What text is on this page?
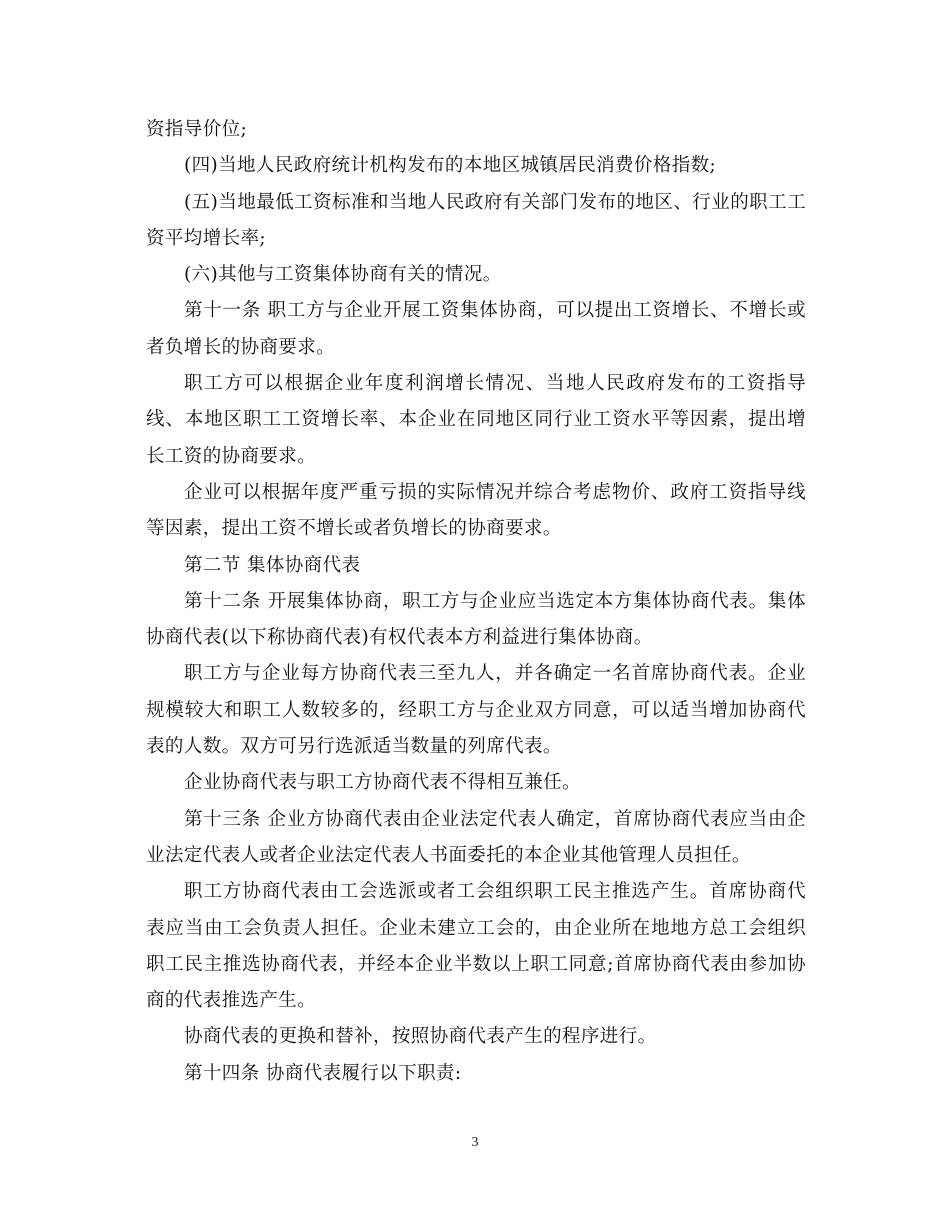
资指导价位;

(四)当地人民政府统计机构发布的本地区城镇居民消费价格指数;

(五)当地最低工资标准和当地人民政府有关部门发布的地区、行业的职工工资平均增长率;

(六)其他与工资集体协商有关的情况。

第十一条 职工方与企业开展工资集体协商，可以提出工资增长、不增长或者负增长的协商要求。

职工方可以根据企业年度利润增长情况、当地人民政府发布的工资指导线、本地区职工工资增长率、本企业在同地区同行业工资水平等因素，提出增长工资的协商要求。

企业可以根据年度严重亏损的实际情况并综合考虑物价、政府工资指导线等因素，提出工资不增长或者负增长的协商要求。

第二节 集体协商代表

第十二条 开展集体协商，职工方与企业应当选定本方集体协商代表。集体协商代表(以下称协商代表)有权代表本方利益进行集体协商。

职工方与企业每方协商代表三至九人，并各确定一名首席协商代表。企业规模较大和职工人数较多的，经职工方与企业双方同意，可以适当增加协商代表的人数。双方可另行选派适当数量的列席代表。

企业协商代表与职工方协商代表不得相互兼任。

第十三条 企业方协商代表由企业法定代表人确定，首席协商代表应当由企业法定代表人或者企业法定代表人书面委托的本企业其他管理人员担任。

职工方协商代表由工会选派或者工会组织职工民主推选产生。首席协商代表应当由工会负责人担任。企业未建立工会的，由企业所在地地方总工会组织职工民主推选协商代表，并经本企业半数以上职工同意;首席协商代表由参加协商的代表推选产生。

协商代表的更换和替补，按照协商代表产生的程序进行。

第十四条 协商代表履行以下职责:

3
